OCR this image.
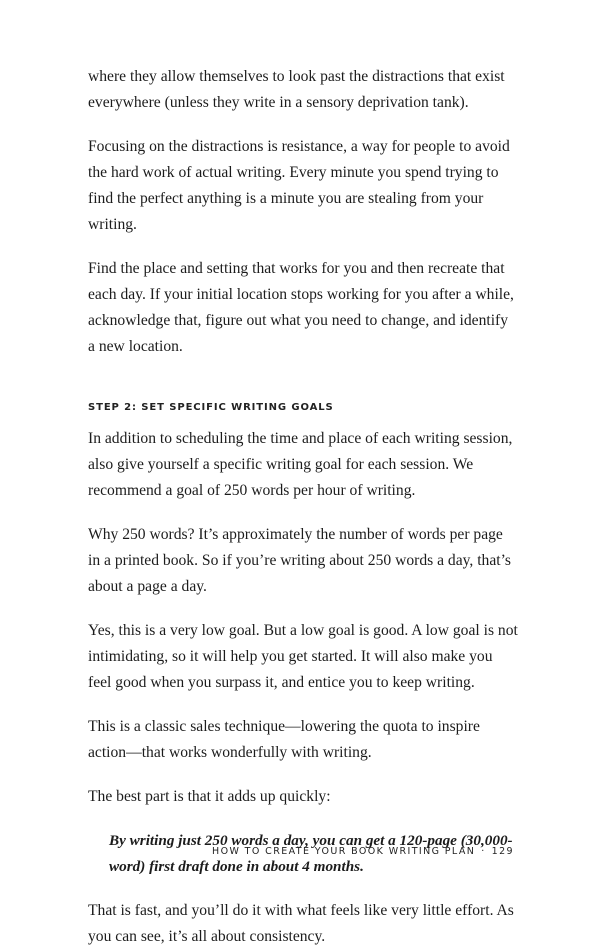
where they allow themselves to look past the distractions that exist everywhere (unless they write in a sensory deprivation tank).

Focusing on the distractions is resistance, a way for people to avoid the hard work of actual writing. Every minute you spend trying to find the perfect anything is a minute you are stealing from your writing.

Find the place and setting that works for you and then recreate that each day. If your initial location stops working for you after a while, acknowledge that, figure out what you need to change, and identify a new location.

STEP 2: SET SPECIFIC WRITING GOALS

In addition to scheduling the time and place of each writing session, also give yourself a specific writing goal for each session. We recommend a goal of 250 words per hour of writing.

Why 250 words? It’s approximately the number of words per page in a printed book. So if you’re writing about 250 words a day, that’s about a page a day.

Yes, this is a very low goal. But a low goal is good. A low goal is not intimidating, so it will help you get started. It will also make you feel good when you surpass it, and entice you to keep writing.

This is a classic sales technique—lowering the quota to inspire action—that works wonderfully with writing.

The best part is that it adds up quickly:

By writing just 250 words a day, you can get a 120-page (30,000-word) first draft done in about 4 months.

That is fast, and you’ll do it with what feels like very little effort. As you can see, it’s all about consistency.

HOW TO CREATE YOUR BOOK WRITING PLAN · 129
